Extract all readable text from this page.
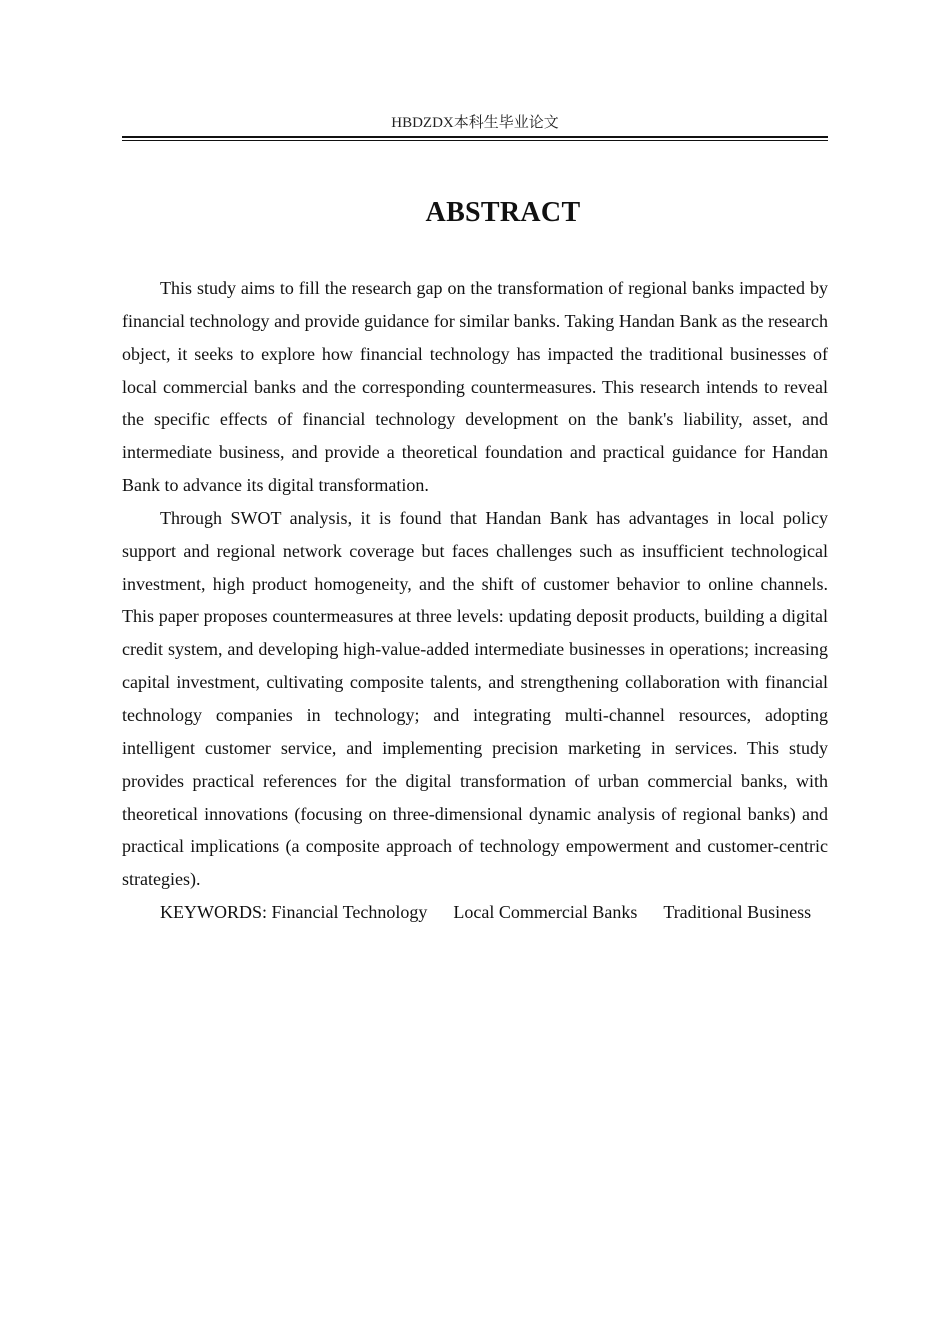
HBDZDX本科生毕业论文
ABSTRACT

This study aims to fill the research gap on the transformation of regional banks impacted by financial technology and provide guidance for similar banks. Taking Handan Bank as the research object, it seeks to explore how financial technology has impacted the traditional businesses of local commercial banks and the corresponding countermeasures. This research intends to reveal the specific effects of financial technology development on the bank's liability, asset, and intermediate business, and provide a theoretical foundation and practical guidance for Handan Bank to advance its digital transformation.

Through SWOT analysis, it is found that Handan Bank has advantages in local policy support and regional network coverage but faces challenges such as insufficient technological investment, high product homogeneity, and the shift of customer behavior to online channels. This paper proposes countermeasures at three levels: updating deposit products, building a digital credit system, and developing high-value-added intermediate businesses in operations; increasing capital investment, cultivating composite talents, and strengthening collaboration with financial technology companies in technology; and integrating multi-channel resources, adopting intelligent customer service, and implementing precision marketing in services. This study provides practical references for the digital transformation of urban commercial banks, with theoretical innovations (focusing on three-dimensional dynamic analysis of regional banks) and practical implications (a composite approach of technology empowerment and customer-centric strategies).

KEYWORDS: Financial Technology Local Commercial Banks Traditional Business
